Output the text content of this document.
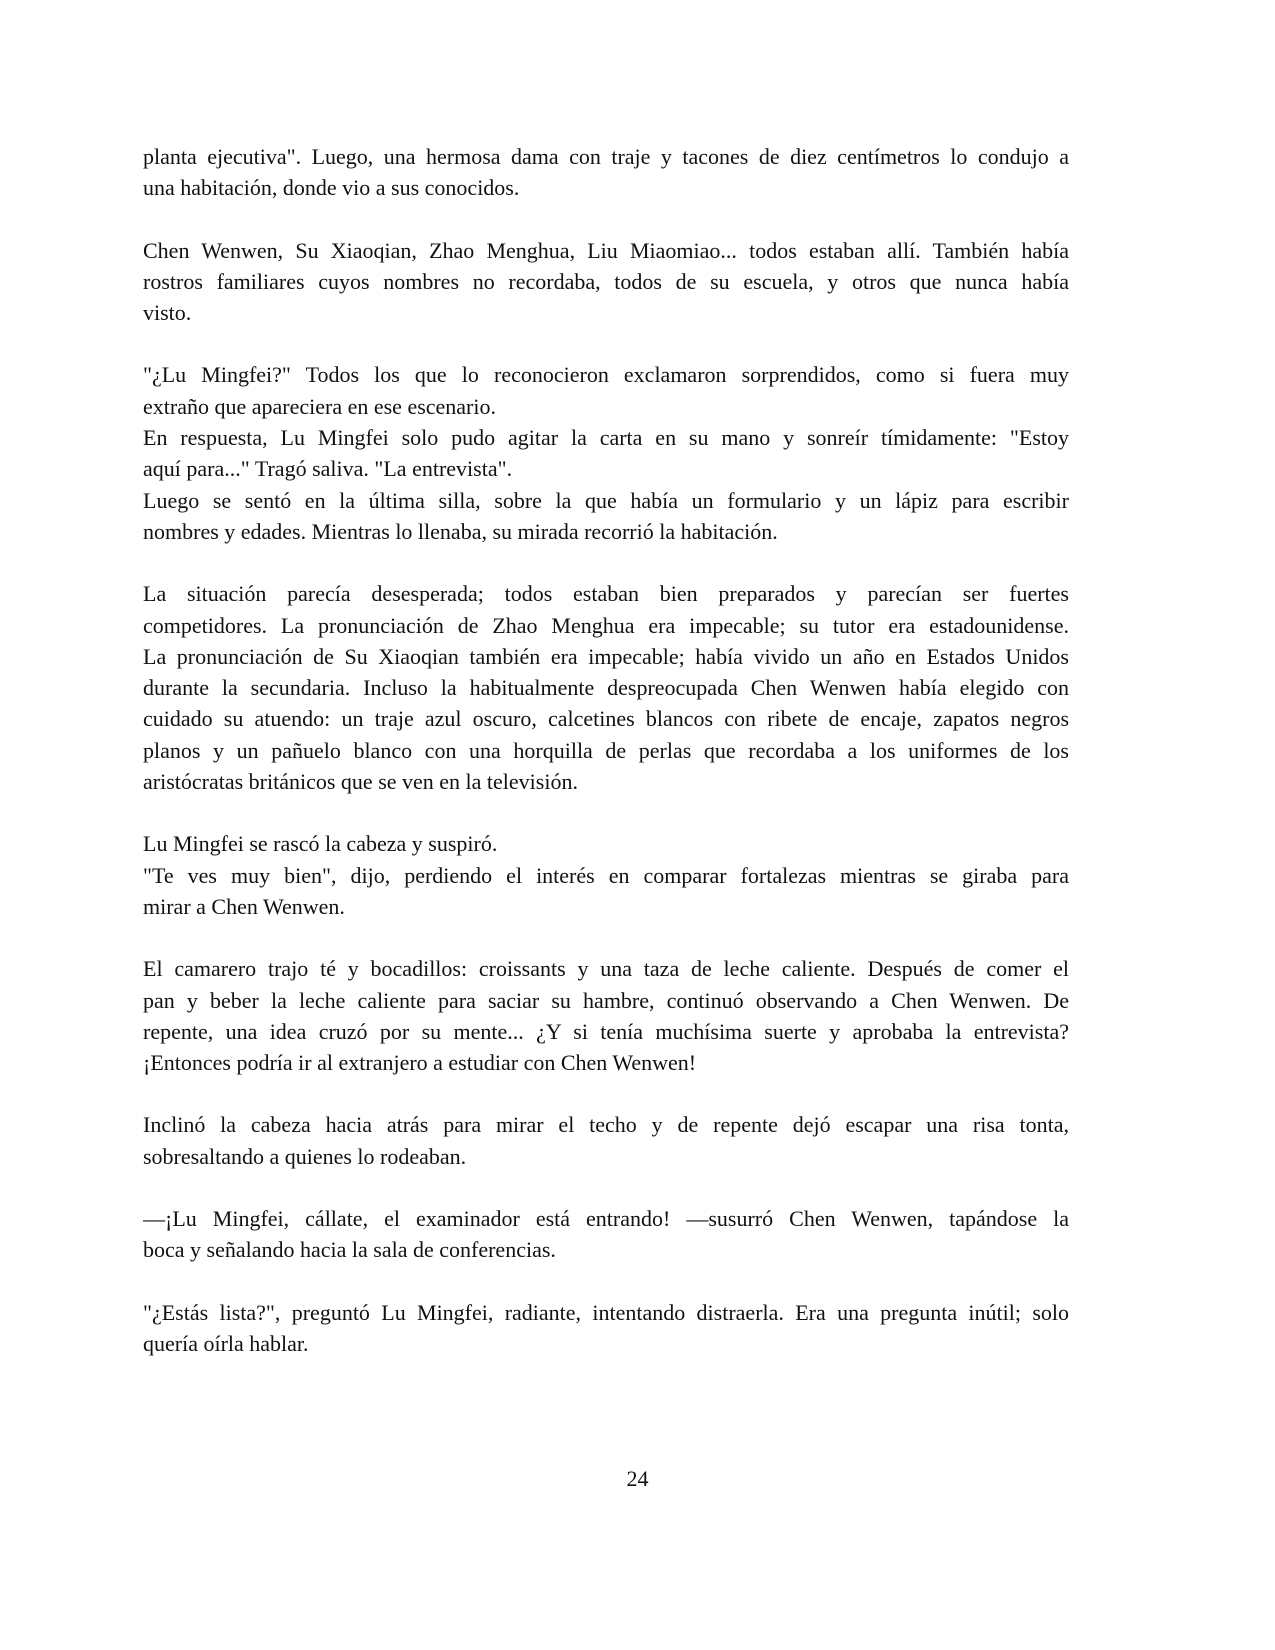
planta ejecutiva". Luego, una hermosa dama con traje y tacones de diez centímetros lo condujo a
una habitación, donde vio a sus conocidos.
Chen Wenwen, Su Xiaoqian, Zhao Menghua, Liu Miaomiao... todos estaban allí. También había
rostros familiares cuyos nombres no recordaba, todos de su escuela, y otros que nunca había
visto.
"¿Lu Mingfei?" Todos los que lo reconocieron exclamaron sorprendidos, como si fuera muy
extraño que apareciera en ese escenario.
En respuesta, Lu Mingfei solo pudo agitar la carta en su mano y sonreír tímidamente: "Estoy
aquí para..." Tragó saliva. "La entrevista".
Luego se sentó en la última silla, sobre la que había un formulario y un lápiz para escribir
nombres y edades. Mientras lo llenaba, su mirada recorrió la habitación.
La situación parecía desesperada; todos estaban bien preparados y parecían ser fuertes
competidores. La pronunciación de Zhao Menghua era impecable; su tutor era estadounidense.
La pronunciación de Su Xiaoqian también era impecable; había vivido un año en Estados Unidos
durante la secundaria. Incluso la habitualmente despreocupada Chen Wenwen había elegido con
cuidado su atuendo: un traje azul oscuro, calcetines blancos con ribete de encaje, zapatos negros
planos y un pañuelo blanco con una horquilla de perlas que recordaba a los uniformes de los
aristócratas británicos que se ven en la televisión.
Lu Mingfei se rascó la cabeza y suspiró.
"Te ves muy bien", dijo, perdiendo el interés en comparar fortalezas mientras se giraba para
mirar a Chen Wenwen.
El camarero trajo té y bocadillos: croissants y una taza de leche caliente. Después de comer el
pan y beber la leche caliente para saciar su hambre, continuó observando a Chen Wenwen. De
repente, una idea cruzó por su mente... ¿Y si tenía muchísima suerte y aprobaba la entrevista?
¡Entonces podría ir al extranjero a estudiar con Chen Wenwen!
Inclinó la cabeza hacia atrás para mirar el techo y de repente dejó escapar una risa tonta,
sobresaltando a quienes lo rodeaban.
—¡Lu Mingfei, cállate, el examinador está entrando! —susurró Chen Wenwen, tapándose la
boca y señalando hacia la sala de conferencias.
"¿Estás lista?", preguntó Lu Mingfei, radiante, intentando distraerla. Era una pregunta inútil; solo
quería oírla hablar.
24
